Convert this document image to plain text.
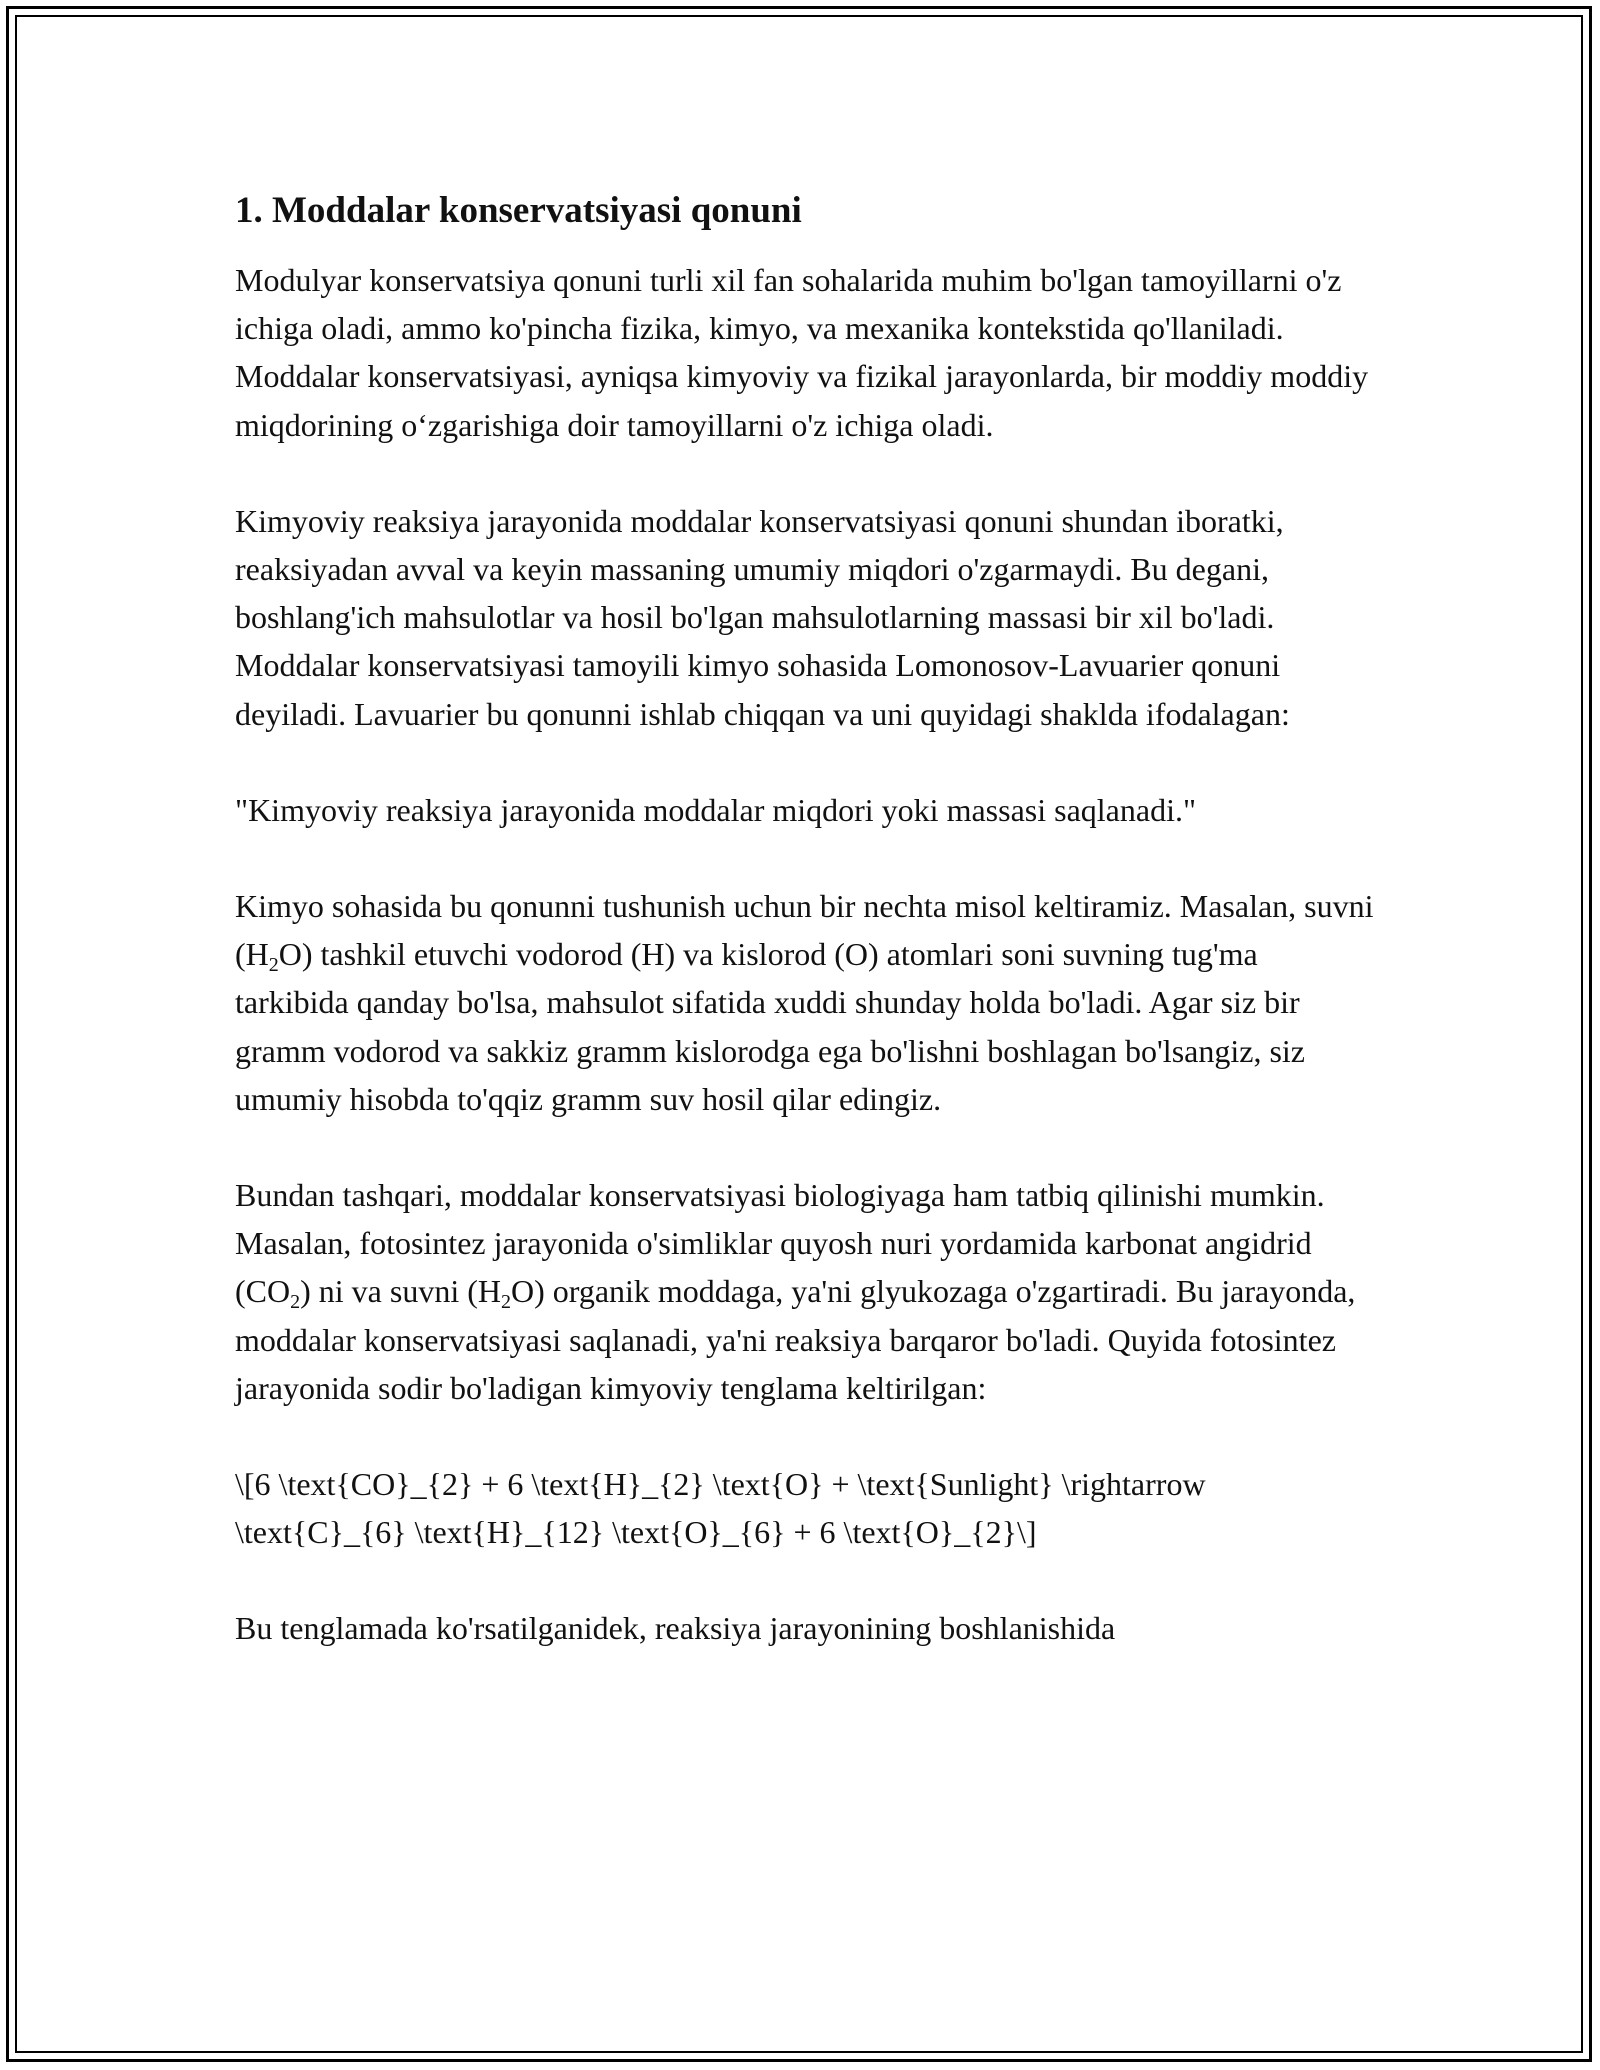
1. Moddalar konservatsiyasi qonuni

Modulyar konservatsiya qonuni turli xil fan sohalarida muhim bo'lgan tamoyillarni o'z ichiga oladi, ammo ko'pincha fizika, kimyo, va mexanika kontekstida qo'llaniladi. Moddalar konservatsiyasi, ayniqsa kimyoviy va fizikal jarayonlarda, bir moddiy moddiy miqdorining o‘zgarishiga doir tamoyillarni o'z ichiga oladi.

Kimyoviy reaksiya jarayonida moddalar konservatsiyasi qonuni shundan iboratki, reaksiyadan avval va keyin massaning umumiy miqdori o'zgarmaydi. Bu degani, boshlang'ich mahsulotlar va hosil bo'lgan mahsulotlarning massasi bir xil bo'ladi. Moddalar konservatsiyasi tamoyili kimyo sohasida Lomonosov-Lavuarier qonuni deyiladi. Lavuarier bu qonunni ishlab chiqqan va uni quyidagi shaklda ifodalagan:

"Kimyoviy reaksiya jarayonida moddalar miqdori yoki massasi saqlanadi."

Kimyo sohasida bu qonunni tushunish uchun bir nechta misol keltiramiz. Masalan, suvni $(H_2O)$ tashkil etuvchi vodorod (H) va kislorod (O) atomlari soni suvning tug'ma tarkibida qanday bo'lsa, mahsulot sifatida xuddi shunday holda bo'ladi. Agar siz bir gramm vodorod va sakkiz gramm kislorodga ega bo'lishni boshlagan bo'lsangiz, siz umumiy hisobda to'qqiz gramm suv hosil qilar edingiz.

Bundan tashqari, moddalar konservatsiyasi biologiyaga ham tatbiq qilinishi mumkin. Masalan, fotosintez jarayonida o'simliklar quyosh nuri yordamida karbonat angidrid $(CO_2)$ ni va suvni $(H_2O)$ organik moddaga, ya'ni glyukozaga o'zgartiradi. Bu jarayonda, moddalar konservatsiyasi saqlanadi, ya'ni reaksiya barqaror bo'ladi. Quyida fotosintez jarayonida sodir bo'ladigan kimyoviy tenglama keltirilgan:

\[6 \text{CO}_{2} + 6 \text{H}_{2} \text{O} + \text{Sunlight} \rightarrow \text{C}_{6} \text{H}_{12} \text{O}_{6} + 6 \text{O}_{2}\]

Bu tenglamada ko'rsatilganidek, reaksiya jarayonining boshlanishida
